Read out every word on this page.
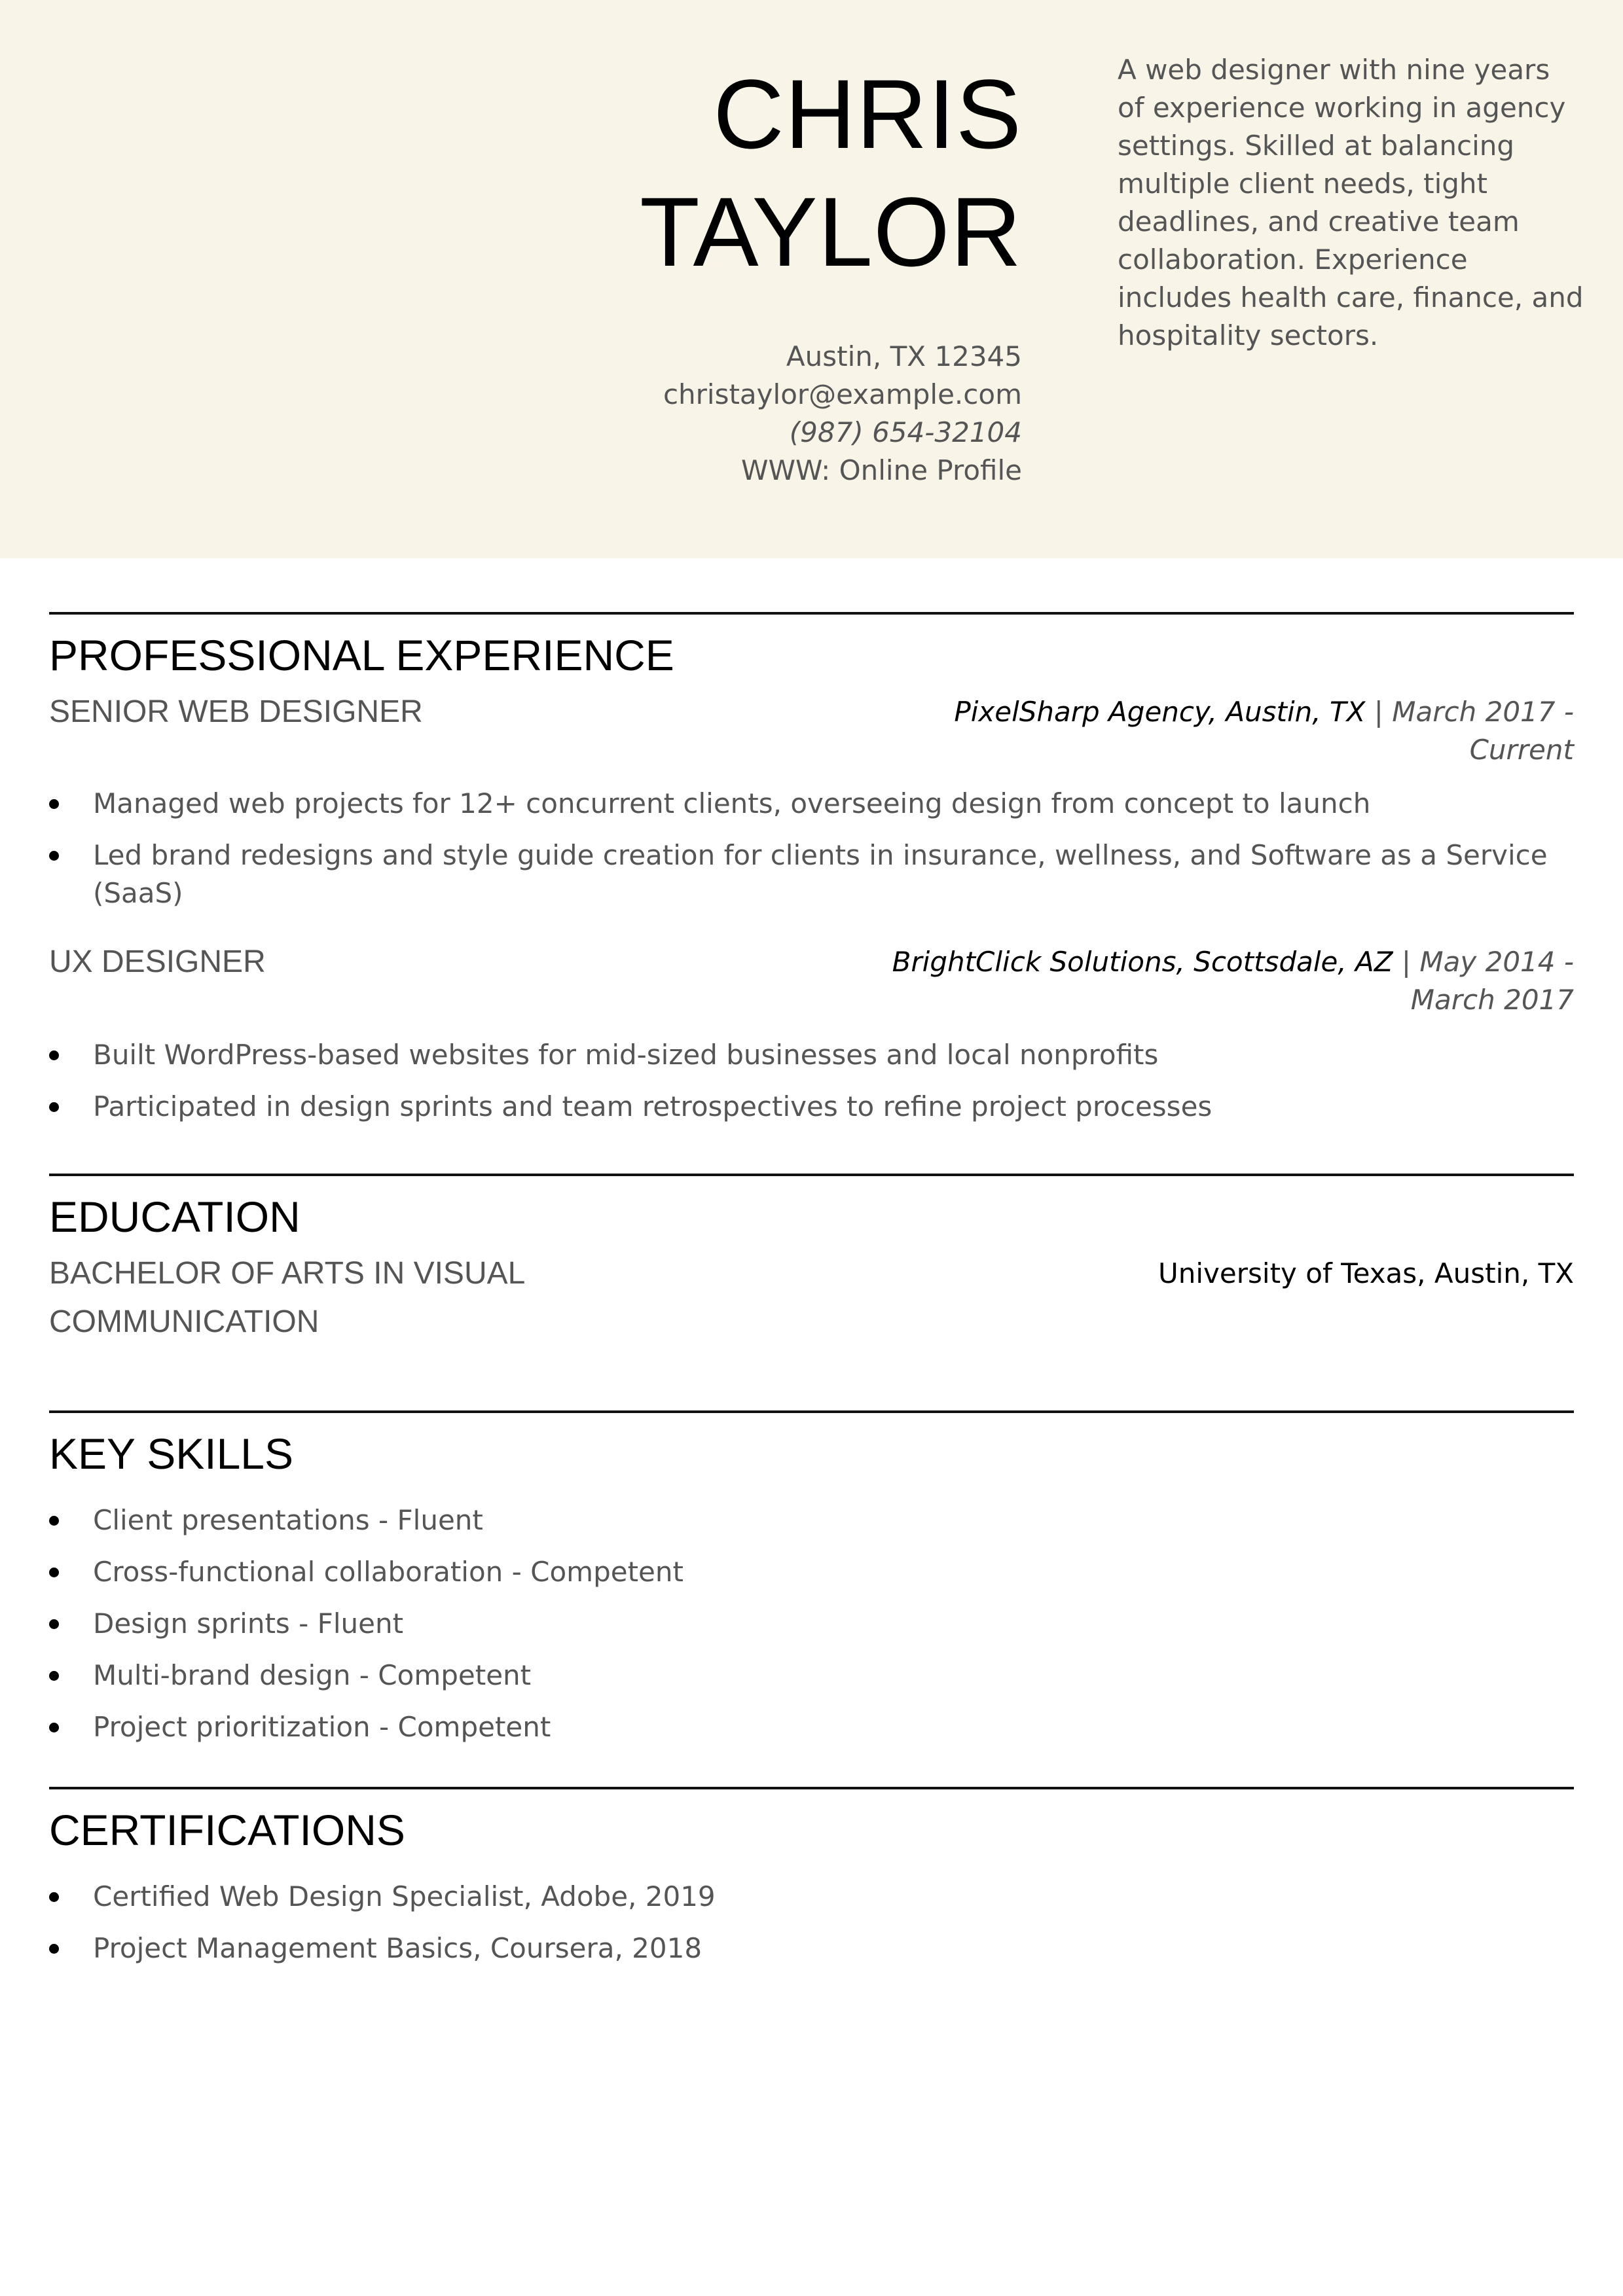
CHRIS
TAYLOR
Austin, TX 12345
christaylor@example.com
(987) 654-32104
WWW: Online Profile
A web designer with nine years of experience working in agency settings. Skilled at balancing multiple client needs, tight deadlines, and creative team collaboration. Experience includes health care, finance, and hospitality sectors.
PROFESSIONAL EXPERIENCE
SENIOR WEB DESIGNER	PixelSharp Agency, Austin, TX | March 2017 - Current
Managed web projects for 12+ concurrent clients, overseeing design from concept to launch
Led brand redesigns and style guide creation for clients in insurance, wellness, and Software as a Service (SaaS)
UX DESIGNER	BrightClick Solutions, Scottsdale, AZ | May 2014 - March 2017
Built WordPress-based websites for mid-sized businesses and local nonprofits
Participated in design sprints and team retrospectives to refine project processes
EDUCATION
BACHELOR OF ARTS IN VISUAL COMMUNICATION
University of Texas, Austin, TX
KEY SKILLS
Client presentations - Fluent
Cross-functional collaboration - Competent
Design sprints - Fluent
Multi-brand design - Competent
Project prioritization - Competent
CERTIFICATIONS
Certified Web Design Specialist, Adobe, 2019
Project Management Basics, Coursera, 2018
